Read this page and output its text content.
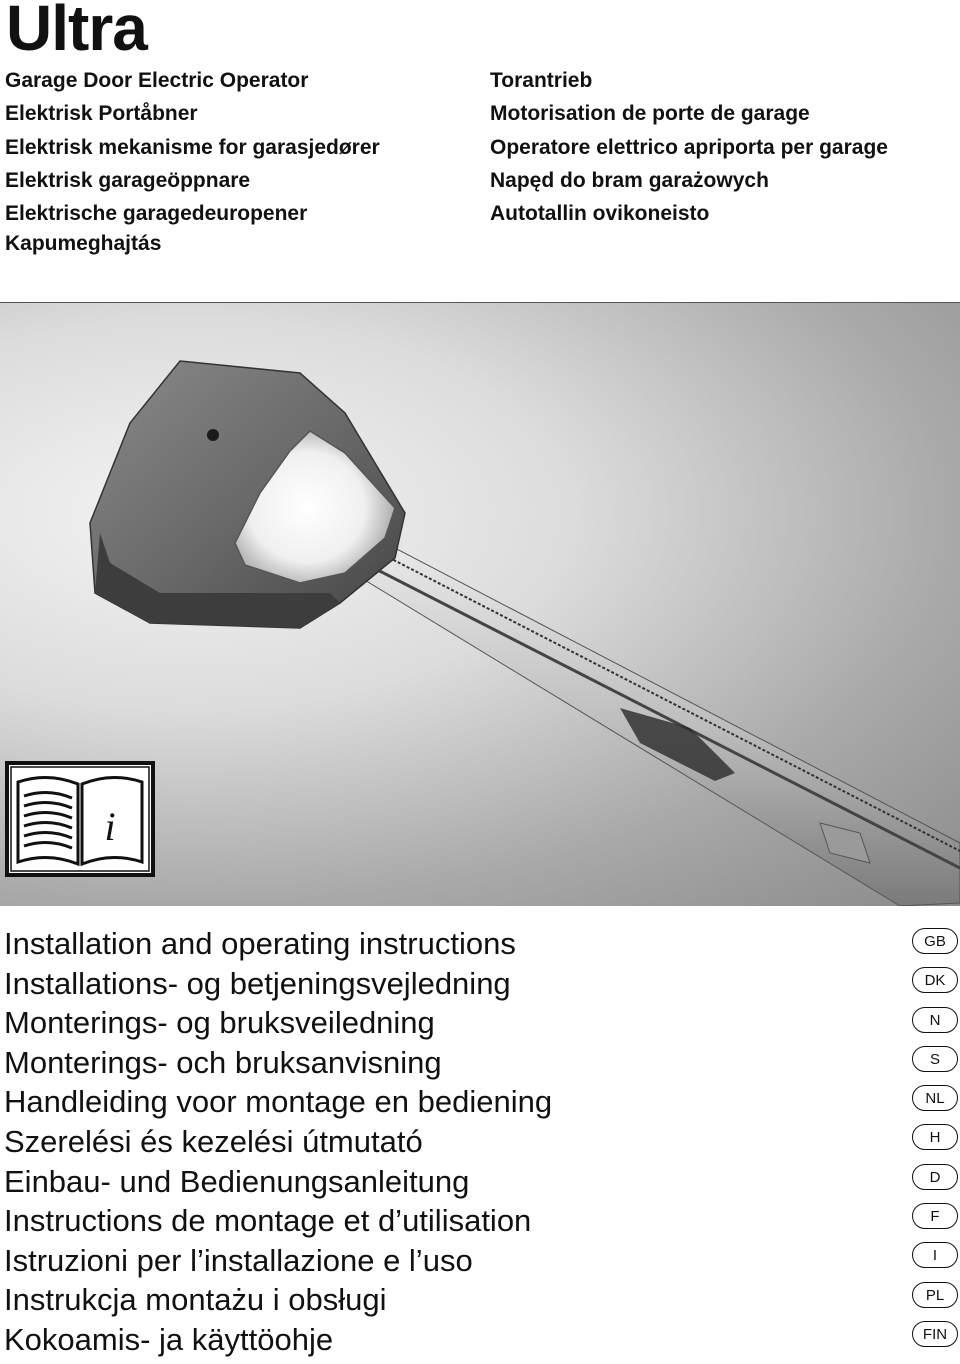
Ultra
Garage Door Electric Operator
Elektrisk Portåbner
Elektrisk mekanisme for garasjedører
Elektrisk garageöppnare
Elektrische garagedeuropener
Kapumeghajtás
Torantrieb
Motorisation de porte de garage
Operatore elettrico apriporta per garage
Napęd do bram garażowych
Autotallin ovikoneisto
i
Installation and operating instructions
Installations- og betjeningsvejledning
Monterings- og bruksveiledning
Monterings- och bruksanvisning
Handleiding voor montage en bediening
Szerelési és kezelési útmutató
Einbau- und Bedienungsanleitung
Instructions de montage et d’utilisation
Istruzioni per l’installazione e l’uso
Instrukcja montażu i obsługi
Kokoamis- ja käyttöohje
GB
DK
N
S
NL
H
D
F
I
PL
FIN
